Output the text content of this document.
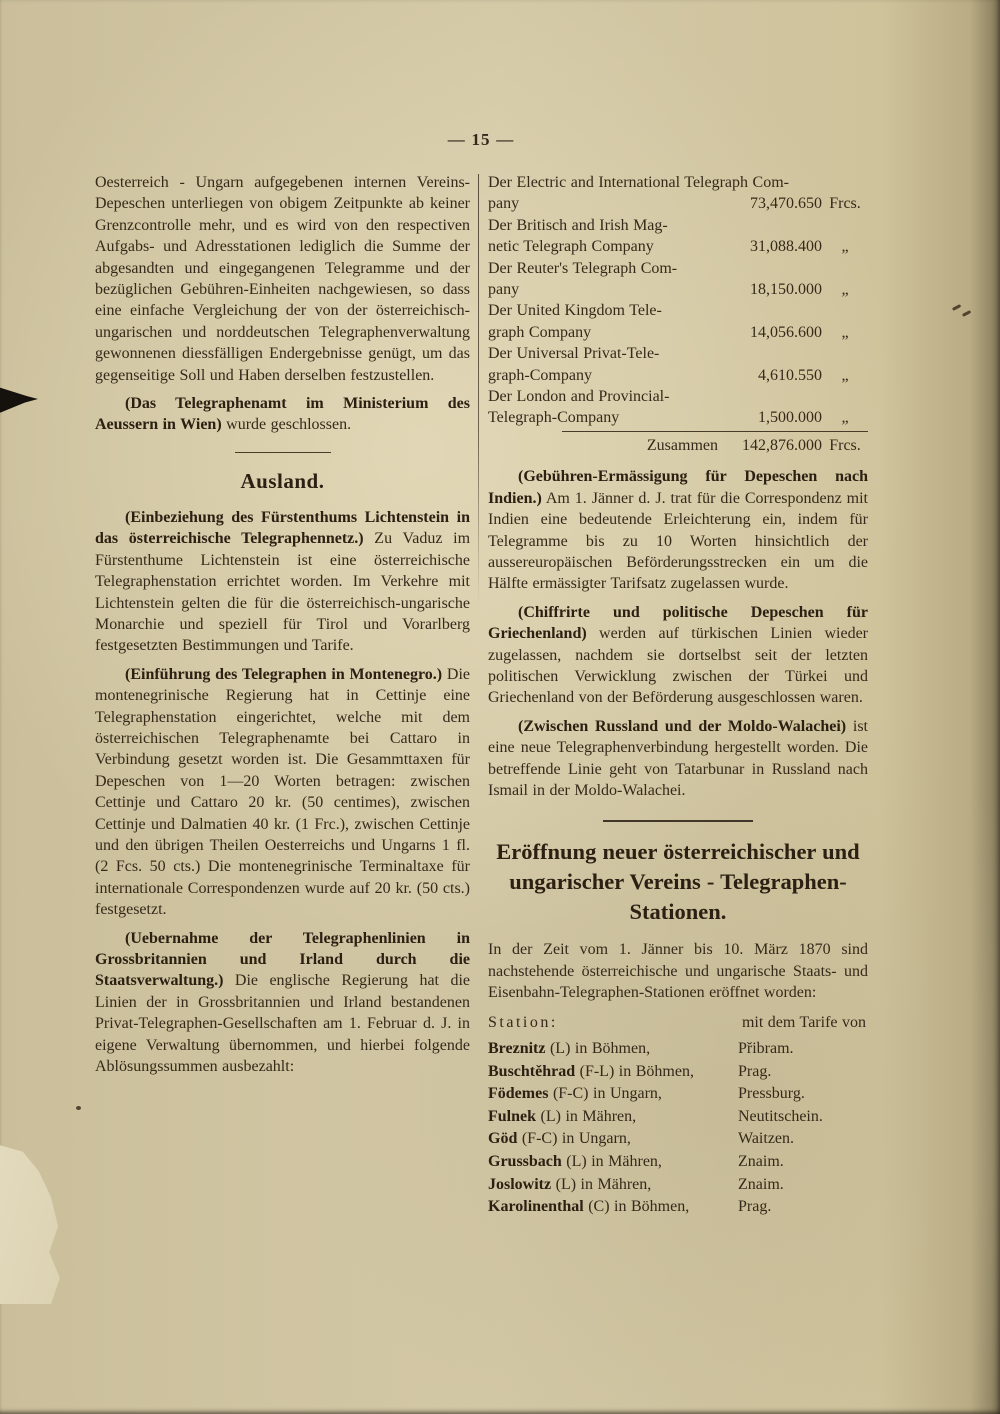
— 15 —

Oesterreich - Ungarn aufgegebenen internen Vereins-Depeschen unterliegen von obigem Zeitpunkte ab keiner Grenzcontrolle mehr, und es wird von den respectiven Aufgabs- und Adresstationen lediglich die Summe der abgesandten und eingegangenen Telegramme und der bezüglichen Gebühren-Einheiten nachgewiesen, so dass eine einfache Vergleichung der von der österreichisch-ungarischen und norddeutschen Telegraphenverwaltung gewonnenen diessfälligen Endergebnisse genügt, um das gegenseitige Soll und Haben derselben festzustellen.

(Das Telegraphenamt im Ministerium des Aeussern in Wien) wurde geschlossen.

Ausland.

(Einbeziehung des Fürstenthums Lichtenstein in das österreichische Telegraphennetz.) Zu Vaduz im Fürstenthume Lichtenstein ist eine österreichische Telegraphenstation errichtet worden. Im Verkehre mit Lichtenstein gelten die für die österreichisch-ungarische Monarchie und speziell für Tirol und Vorarlberg festgesetzten Bestimmungen und Tarife.

(Einführung des Telegraphen in Montenegro.) Die montenegrinische Regierung hat in Cettinje eine Telegraphenstation eingerichtet, welche mit dem österreichischen Telegraphenamte bei Cattaro in Verbindung gesetzt worden ist. Die Gesammttaxen für Depeschen von 1—20 Worten betragen: zwischen Cettinje und Cattaro 20 kr. (50 centimes), zwischen Cettinje und Dalmatien 40 kr. (1 Frc.), zwischen Cettinje und den übrigen Theilen Oesterreichs und Ungarns 1 fl. (2 Fcs. 50 cts.) Die montenegrinische Terminaltaxe für internationale Correspondenzen wurde auf 20 kr. (50 cts.) festgesetzt.

(Uebernahme der Telegraphenlinien in Grossbritannien und Irland durch die Staatsverwaltung.) Die englische Regierung hat die Linien der in Grossbritannien und Irland bestandenen Privat-Telegraphen-Gesellschaften am 1. Februar d. J. in eigene Verwaltung übernommen, und hierbei folgende Ablösungssummen ausbezahlt:

Der Electric and International Telegraph Com-
pany	73,470.650 Frcs.
Der Britisch and Irish Mag-
netic Telegraph Company	31,088.400	„
Der Reuter's Telegraph Com-
pany	18,150.000	„
Der United Kingdom Tele-
graph Company	14,056.600	„
Der Universal Privat-Tele-
graph-Company	4,610.550	„
Der London and Provincial-
Telegraph-Company	1,500.000	„
Zusammen	142,876.000 Frcs.

(Gebühren-Ermässigung für Depeschen nach Indien.) Am 1. Jänner d. J. trat für die Correspondenz mit Indien eine bedeutende Erleichterung ein, indem für Telegramme bis zu 10 Worten hinsichtlich der aussereuropäischen Beförderungsstrecken ein um die Hälfte ermässigter Tarifsatz zugelassen wurde.

(Chiffrirte und politische Depeschen für Griechenland) werden auf türkischen Linien wieder zugelassen, nachdem sie dortselbst seit der letzten politischen Verwicklung zwischen der Türkei und Griechenland von der Beförderung ausgeschlossen waren.

(Zwischen Russland und der Moldo-Walachei) ist eine neue Telegraphenverbindung hergestellt worden. Die betreffende Linie geht von Tatarbunar in Russland nach Ismail in der Moldo-Walachei.

Eröffnung neuer österreichischer und ungarischer Vereins - Telegraphen-Stationen.

In der Zeit vom 1. Jänner bis 10. März 1870 sind nachstehende österreichische und ungarische Staats- und Eisenbahn-Telegraphen-Stationen eröffnet worden:

Station:	mit dem Tarife von
Breznitz (L) in Böhmen,	Přibram.
Buschtěhrad (F-L) in Böhmen,	Prag.
Födemes (F-C) in Ungarn,	Pressburg.
Fulnek (L) in Mähren,	Neutitschein.
Göd (F-C) in Ungarn,	Waitzen.
Grussbach (L) in Mähren,	Znaim.
Joslowitz (L) in Mähren,	Znaim.
Karolinenthal (C) in Böhmen,	Prag.
